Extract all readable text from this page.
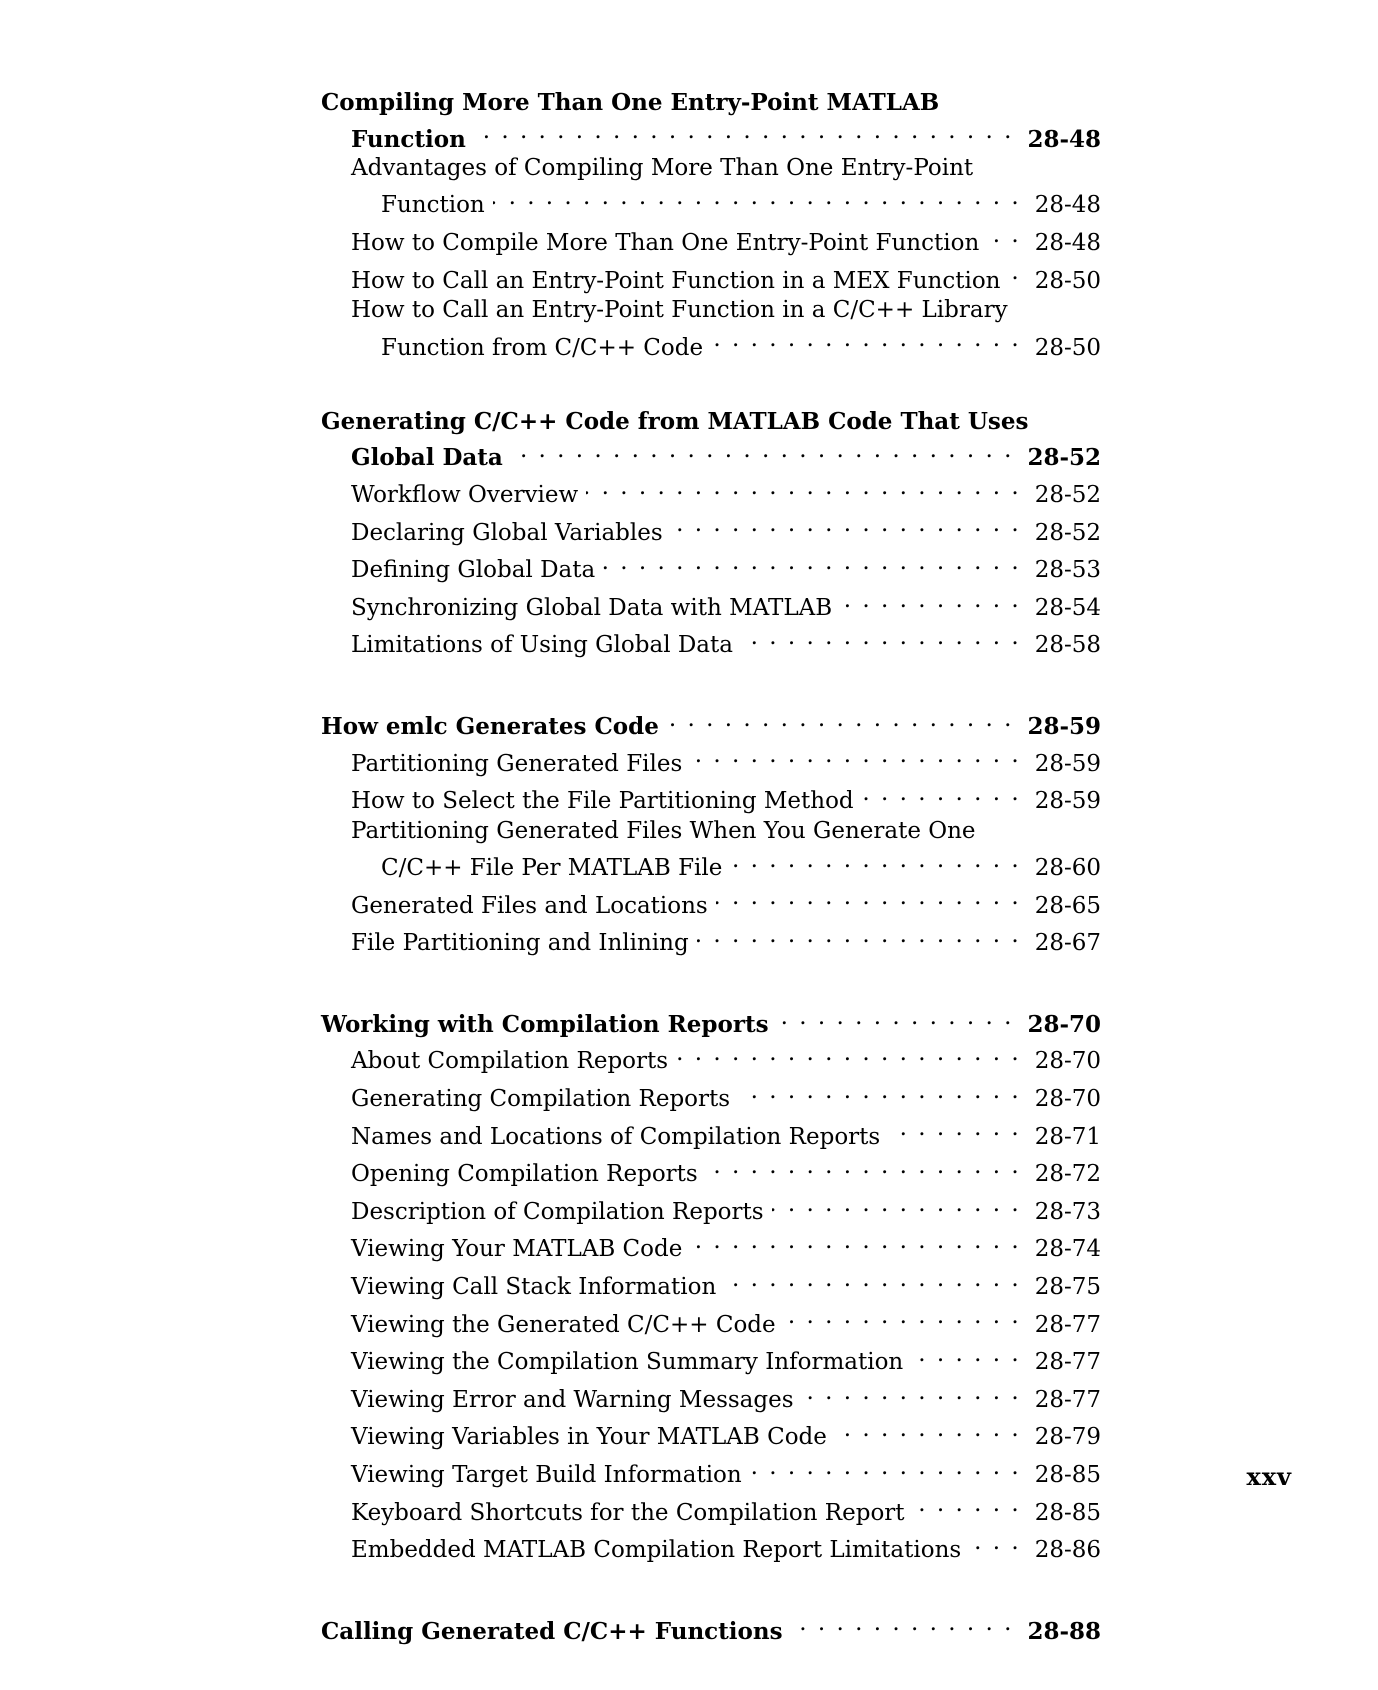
Compiling More Than One Entry-Point MATLAB
Function . . .	28-48
Advantages of Compiling More Than One Entry-Point
Function . . .	28-48
How to Compile More Than One Entry-Point Function . . . 28-48
How to Call an Entry-Point Function in a MEX Function . . . 28-50
How to Call an Entry-Point Function in a C/C++ Library
Function from C/C++ Code . . .	28-50
Generating C/C++ Code from MATLAB Code That Uses
Global Data . . .	28-52
Workflow Overview . . .	28-52
Declaring Global Variables . . .	28-52
Defining Global Data . . .	28-53
Synchronizing Global Data with MATLAB . . .	28-54
Limitations of Using Global Data . . .	28-58
How emlc Generates Code . . .	28-59
Partitioning Generated Files . . .	28-59
How to Select the File Partitioning Method . . .	28-59
Partitioning Generated Files When You Generate One
C/C++ File Per MATLAB File . . .	28-60
Generated Files and Locations . . .	28-65
File Partitioning and Inlining . . .	28-67
Working with Compilation Reports . . .	28-70
About Compilation Reports . . .	28-70
Generating Compilation Reports . . .	28-70
Names and Locations of Compilation Reports . . .	28-71
Opening Compilation Reports . . .	28-72
Description of Compilation Reports . . .	28-73
Viewing Your MATLAB Code . . .	28-74
Viewing Call Stack Information . . .	28-75
Viewing the Generated C/C++ Code . . .	28-77
Viewing the Compilation Summary Information . . .	28-77
Viewing Error and Warning Messages . . .	28-77
Viewing Variables in Your MATLAB Code . . .	28-79
Viewing Target Build Information . . .	28-85
Keyboard Shortcuts for the Compilation Report . . .	28-85
Embedded MATLAB Compilation Report Limitations . . .	28-86
Calling Generated C/C++ Functions . . .	28-88
xxv
